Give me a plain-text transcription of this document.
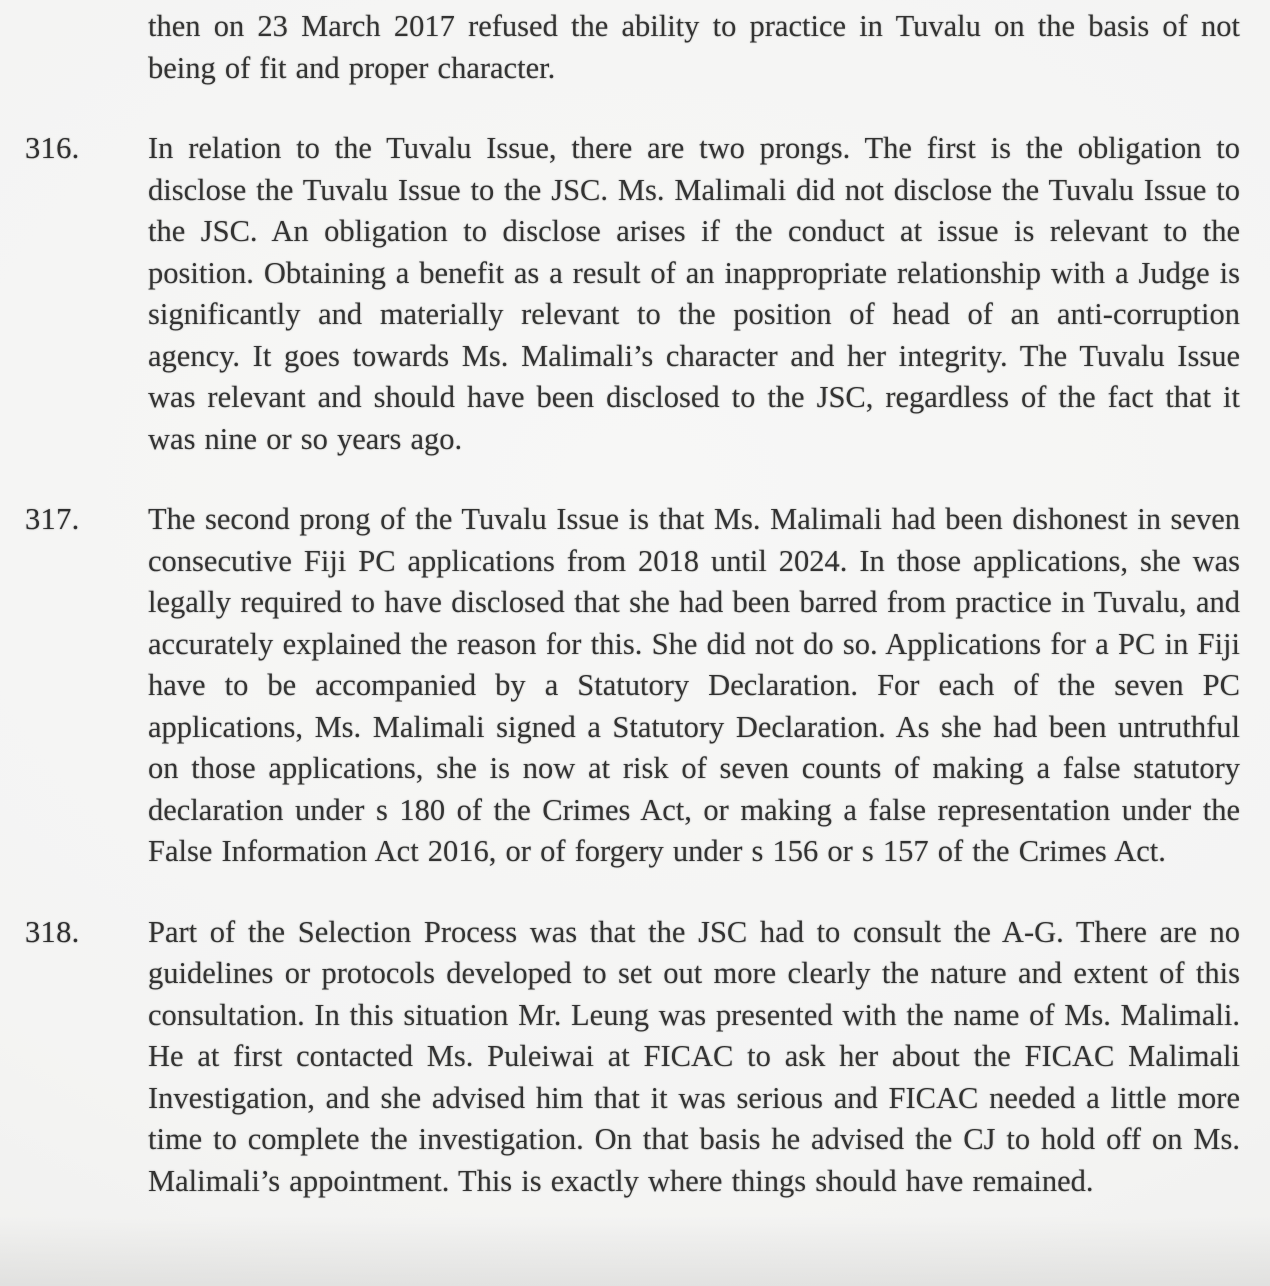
then on 23 March 2017 refused the ability to practice in Tuvalu on the basis of not being of fit and proper character.
316.	In relation to the Tuvalu Issue, there are two prongs. The first is the obligation to disclose the Tuvalu Issue to the JSC. Ms. Malimali did not disclose the Tuvalu Issue to the JSC. An obligation to disclose arises if the conduct at issue is relevant to the position. Obtaining a benefit as a result of an inappropriate relationship with a Judge is significantly and materially relevant to the position of head of an anti-corruption agency. It goes towards Ms. Malimali’s character and her integrity. The Tuvalu Issue was relevant and should have been disclosed to the JSC, regardless of the fact that it was nine or so years ago.
317.	The second prong of the Tuvalu Issue is that Ms. Malimali had been dishonest in seven consecutive Fiji PC applications from 2018 until 2024. In those applications, she was legally required to have disclosed that she had been barred from practice in Tuvalu, and accurately explained the reason for this. She did not do so. Applications for a PC in Fiji have to be accompanied by a Statutory Declaration. For each of the seven PC applications, Ms. Malimali signed a Statutory Declaration. As she had been untruthful on those applications, she is now at risk of seven counts of making a false statutory declaration under s 180 of the Crimes Act, or making a false representation under the False Information Act 2016, or of forgery under s 156 or s 157 of the Crimes Act.
318.	Part of the Selection Process was that the JSC had to consult the A-G. There are no guidelines or protocols developed to set out more clearly the nature and extent of this consultation. In this situation Mr. Leung was presented with the name of Ms. Malimali. He at first contacted Ms. Puleiwai at FICAC to ask her about the FICAC Malimali Investigation, and she advised him that it was serious and FICAC needed a little more time to complete the investigation. On that basis he advised the CJ to hold off on Ms. Malimali’s appointment. This is exactly where things should have remained.
